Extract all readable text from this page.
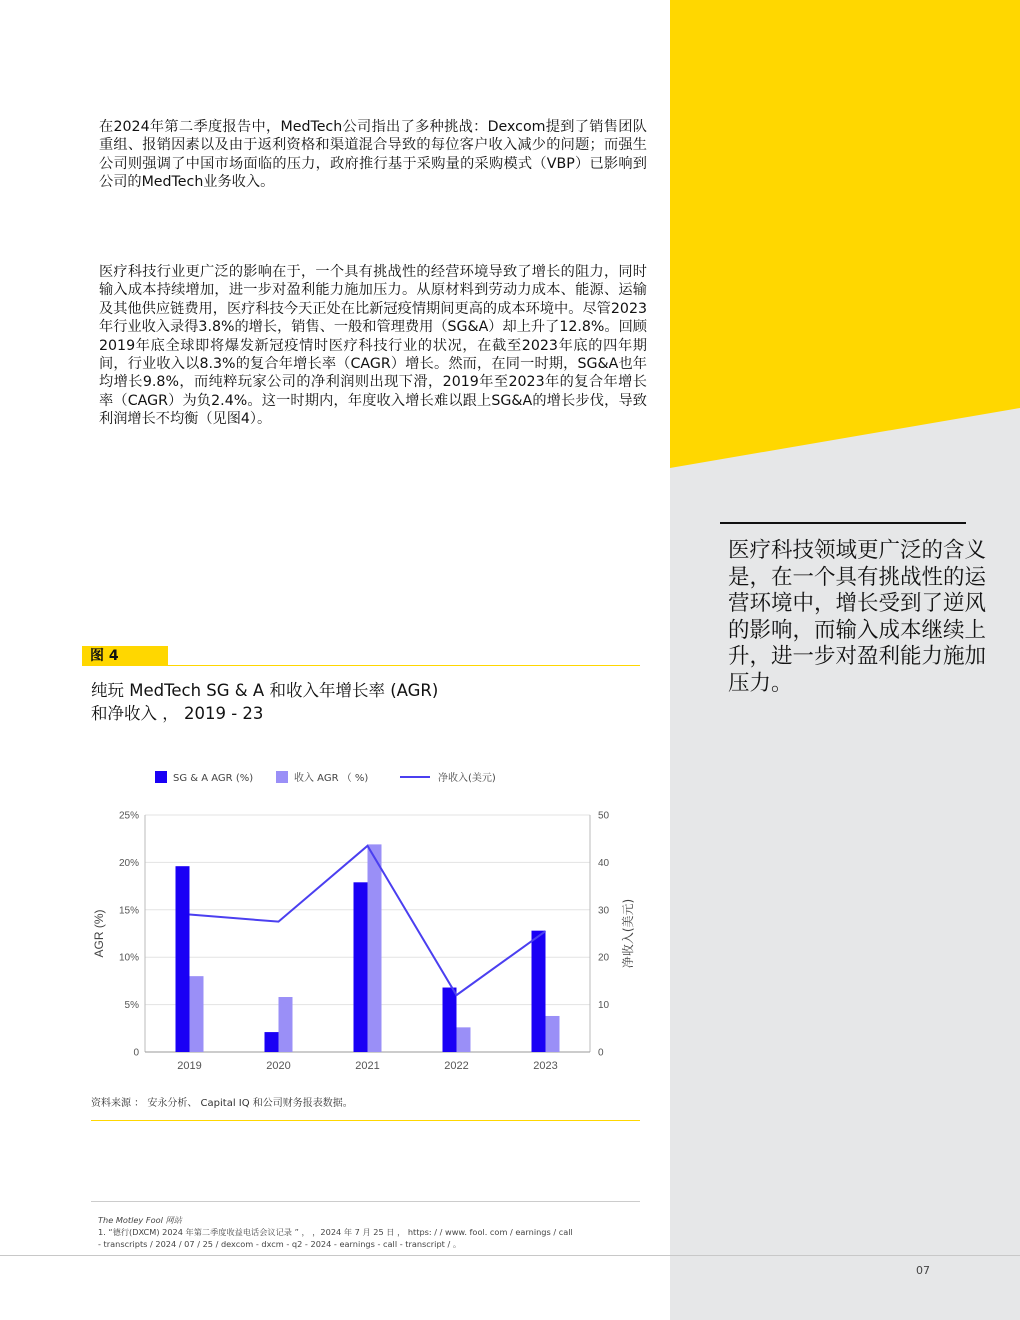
在2024年第二季度报告中，MedTech公司指出了多种挑战：Dexcom提到了销售团队重组、报销因素以及由于返利资格和渠道混合导致的每位客户收入减少的问题；而强生公司则强调了中国市场面临的压力，政府推行基于采购量的采购模式（VBP）已影响到公司的MedTech业务收入。
医疗科技行业更广泛的影响在于，一个具有挑战性的经营环境导致了增长的阻力，同时输入成本持续增加，进一步对盈利能力施加压力。从原材料到劳动力成本、能源、运输及其他供应链费用，医疗科技今天正处在比新冠疫情期间更高的成本环境中。尽管2023年行业收入录得3.8%的增长，销售、一般和管理费用（SG&A）却上升了12.8%。回顾2019年底全球即将爆发新冠疫情时医疗科技行业的状况，在截至2023年底的四年期间，行业收入以8.3%的复合年增长率（CAGR）增长。然而，在同一时期，SG&A也年均增长9.8%，而纯粹玩家公司的净利润则出现下滑，2019年至2023年的复合年增长率（CAGR）为负2.4%。这一时期内，年度收入增长难以跟上SG&A的增长步伐，导致利润增长不均衡（见图4）。
医疗科技领域更广泛的含义是，在一个具有挑战性的运营环境中，增长受到了逆风的影响，而输入成本继续上升，进一步对盈利能力施加压力。
图 4
纯玩 MedTech SG & A 和收入年增长率 (AGR)
和净收入 ， 2019 - 23
0
5%
10%
15%
20%
25%
0
10
20
30
40
50
AGR (%)	净收入(美元)
2019	2020	2021	2022	2023
SG & A AGR (%)	收入 AGR （ %)	净收入(美元)
资料来源 ： 安永分析、 Capital IQ 和公司财务报表数据。
The Motley Fool 网站
1. “德行(DXCM) 2024 年第二季度收益电话会议记录 ” ， ，2024 年 7 月 25 日 ， https: / / www. fool. com / earnings / call - transcripts / 2024 / 07 / 25 / dexcom - dxcm - q2 - 2024 - earnings - call - transcript / 。
07
